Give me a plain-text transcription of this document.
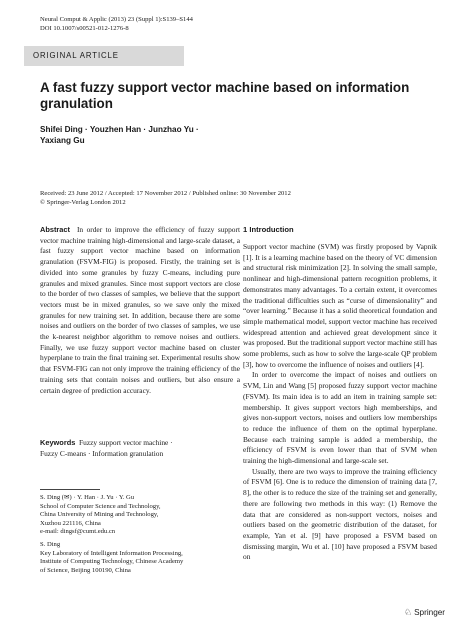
Neural Comput & Applic (2013) 23 (Suppl 1):S139–S144
DOI 10.1007/s00521-012-1276-8
ORIGINAL ARTICLE
A fast fuzzy support vector machine based on information granulation
Shifei Ding · Youzhen Han · Junzhao Yu ·
Yaxiang Gu
Received: 23 June 2012 / Accepted: 17 November 2012 / Published online: 30 November 2012
© Springer-Verlag London 2012

Abstract In order to improve the efficiency of fuzzy support vector machine training high-dimensional and large-scale dataset, a fast fuzzy support vector machine based on information granulation (FSVM-FIG) is proposed. Firstly, the training set is divided into some granules by fuzzy C-means, including pure granules and mixed granules. Since most support vectors are close to the border of two classes of samples, we believe that the support vectors must be in mixed granules, so we save only the mixed granules for new training set. In addition, because there are some noises and outliers on the border of two classes of samples, we use the k-nearest neighbor algorithm to remove noises and outliers. Finally, we use fuzzy support vector machine based on cluster hyperplane to train the final training set. Experimental results show that FSVM-FIG can not only improve the training efficiency of the training sets that contain noises and outliers, but also ensure a certain degree of prediction accuracy.

Keywords Fuzzy support vector machine ·
Fuzzy C-means · Information granulation
S. Ding (✉) · Y. Han · J. Yu · Y. Gu
School of Computer Science and Technology,
China University of Mining and Technology,
Xuzhou 221116, China
e-mail: dingsf@cumt.edu.cn
S. Ding
Key Laboratory of Intelligent Information Processing,
Institute of Computing Technology, Chinese Academy
of Science, Beijing 100190, China
1 Introduction

Support vector machine (SVM) was firstly proposed by Vapnik [1]. It is a learning machine based on the theory of VC dimension and structural risk minimization [2]. In solving the small sample, nonlinear and high-dimensional pattern recognition problems, it demonstrates many advantages. To a certain extent, it overcomes the traditional difficulties such as “curse of dimensionality” and “over learning.” Because it has a solid theoretical foundation and simple mathematical model, support vector machine has received widespread attention and achieved great development since it was proposed. But the traditional support vector machine still has some problems, such as how to solve the large-scale QP problem [3], how to overcome the influence of noises and outliers [4].

In order to overcome the impact of noises and outliers on SVM, Lin and Wang [5] proposed fuzzy support vector machine (FSVM). Its main idea is to add an item in training sample set: membership. It gives support vectors high memberships, and gives non-support vectors, noises and outliers low memberships to reduce the influence of them on the optimal hyperplane. Because each training sample is added a membership, the efficiency of FSVM is even lower than that of SVM when training the high-dimensional and large-scale set.

Usually, there are two ways to improve the training efficiency of FSVM [6]. One is to reduce the dimension of training data [7, 8], the other is to reduce the size of the training set and generally, there are following two methods in this way: (1) Remove the data that are considered as non-support vectors, noises and outliers based on the geometric distribution of the dataset, for example, Yan et al. [9] have proposed a FSVM based on dismissing margin, Wu et al. [10] have proposed a FSVM based on

♘ Springer
